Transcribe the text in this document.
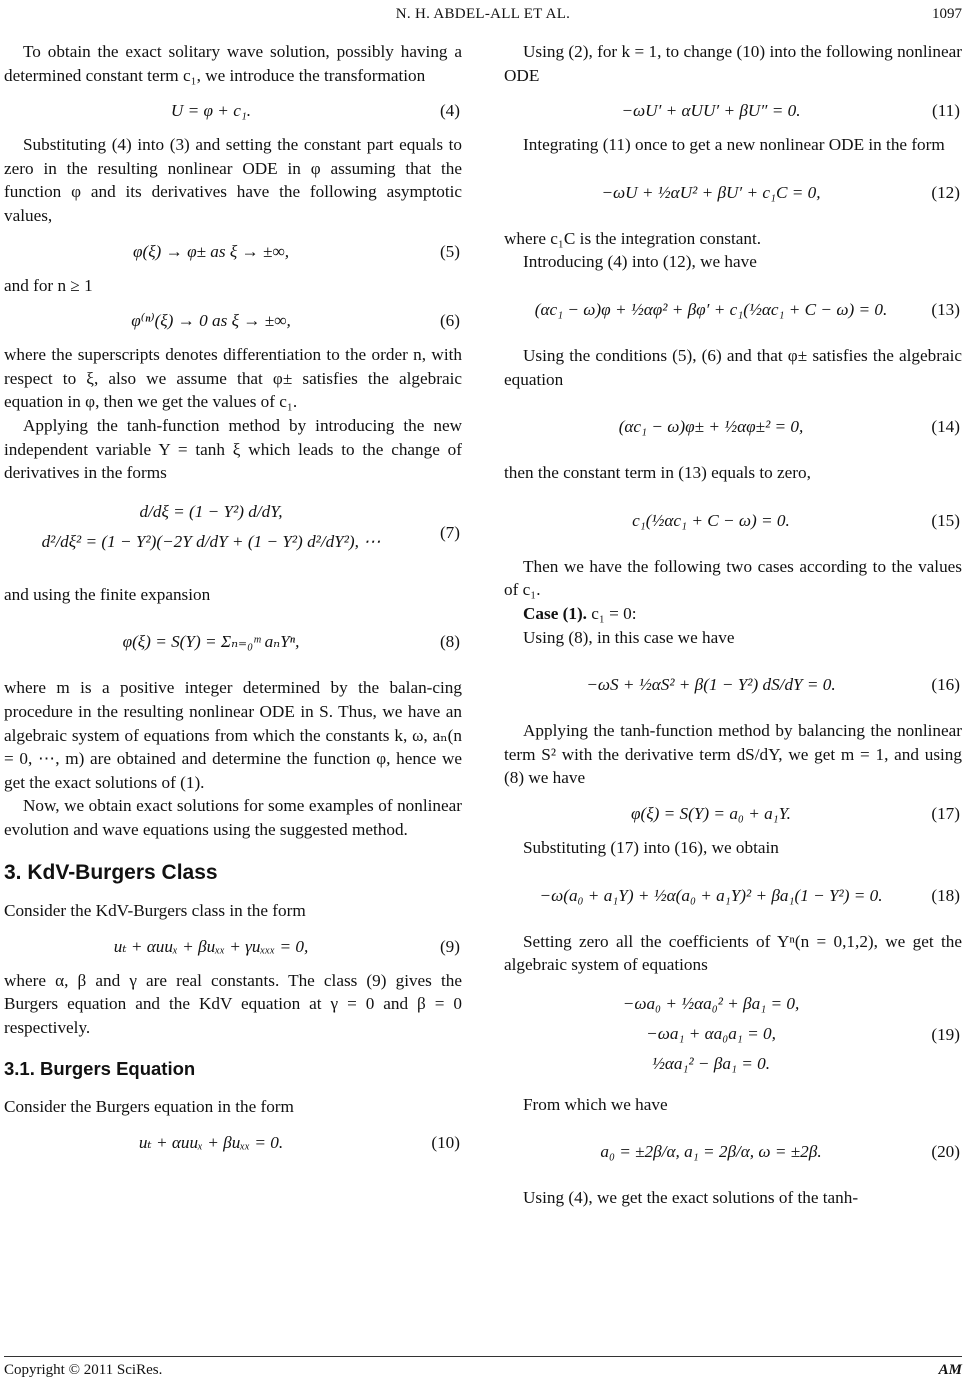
N. H. ABDEL-ALL ET AL.	1097

To obtain the exact solitary wave solution, possibly having a determined constant term c₁, we introduce the transformation

U = φ + c₁.	(4)

Substituting (4) into (3) and setting the constant part equals to zero in the resulting nonlinear ODE in φ assuming that the function φ and its derivatives have the following asymptotic values,

φ(ξ) → φ± as ξ → ±∞,	(5)

and for n ≥ 1

φ⁽ⁿ⁾(ξ) → 0 as ξ → ±∞,	(6)

where the superscripts denotes differentiation to the order n, with respect to ξ, also we assume that φ± satisfies the algebraic equation in φ, then we get the values of c₁.

Applying the tanh-function method by introducing the new independent variable Y = tanh ξ which leads to the change of derivatives in the forms

d/dξ = (1 − Y²) d/dY,
d²/dξ² = (1 − Y²)(−2Y d/dY + (1 − Y²) d²/dY²), ⋯	(7)

and using the finite expansion

φ(ξ) = S(Y) = Σₙ₌₀ᵐ aₙYⁿ,	(8)

where m is a positive integer determined by the balan-cing procedure in the resulting nonlinear ODE in S. Thus, we have an algebraic system of equations from which the constants k, ω, aₙ(n = 0, ⋯, m) are obtained and determine the function φ, hence we get the exact solutions of (1).

Now, we obtain exact solutions for some examples of nonlinear evolution and wave equations using the suggested method.

3. KdV-Burgers Class

Consider the KdV-Burgers class in the form

uₜ + αuuₓ + βuₓₓ + γuₓₓₓ = 0,	(9)

where α, β and γ are real constants. The class (9) gives the Burgers equation and the KdV equation at γ = 0 and β = 0 respectively.

3.1. Burgers Equation

Consider the Burgers equation in the form

uₜ + αuuₓ + βuₓₓ = 0.	(10)

Using (2), for k = 1, to change (10) into the following nonlinear ODE

−ωU′ + αUU′ + βU″ = 0.	(11)

Integrating (11) once to get a new nonlinear ODE in the form

−ωU + ½αU² + βU′ + c₁C = 0,	(12)

where c₁C is the integration constant.

Introducing (4) into (12), we have

(αc₁ − ω)φ + ½αφ² + βφ′ + c₁(½αc₁ + C − ω) = 0.	(13)

Using the conditions (5), (6) and that φ± satisfies the algebraic equation

(αc₁ − ω)φ± + ½αφ±² = 0,	(14)

then the constant term in (13) equals to zero,

c₁(½αc₁ + C − ω) = 0.	(15)

Then we have the following two cases according to the values of c₁.

Case (1). c₁ = 0:

Using (8), in this case we have

−ωS + ½αS² + β(1 − Y²) dS/dY = 0.	(16)

Applying the tanh-function method by balancing the nonlinear term S² with the derivative term dS/dY, we get m = 1, and using (8) we have

φ(ξ) = S(Y) = a₀ + a₁Y.	(17)

Substituting (17) into (16), we obtain

−ω(a₀ + a₁Y) + ½α(a₀ + a₁Y)² + βa₁(1 − Y²) = 0.	(18)

Setting zero all the coefficients of Yⁿ(n = 0,1,2), we get the algebraic system of equations

−ωa₀ + ½αa₀² + βa₁ = 0,
−ωa₁ + αa₀a₁ = 0,
½αa₁² − βa₁ = 0.
(19)

From which we have

a₀ = ±2β/α, a₁ = 2β/α, ω = ±2β.	(20)

Using (4), we get the exact solutions of the tanh-

Copyright © 2011 SciRes.	AM
